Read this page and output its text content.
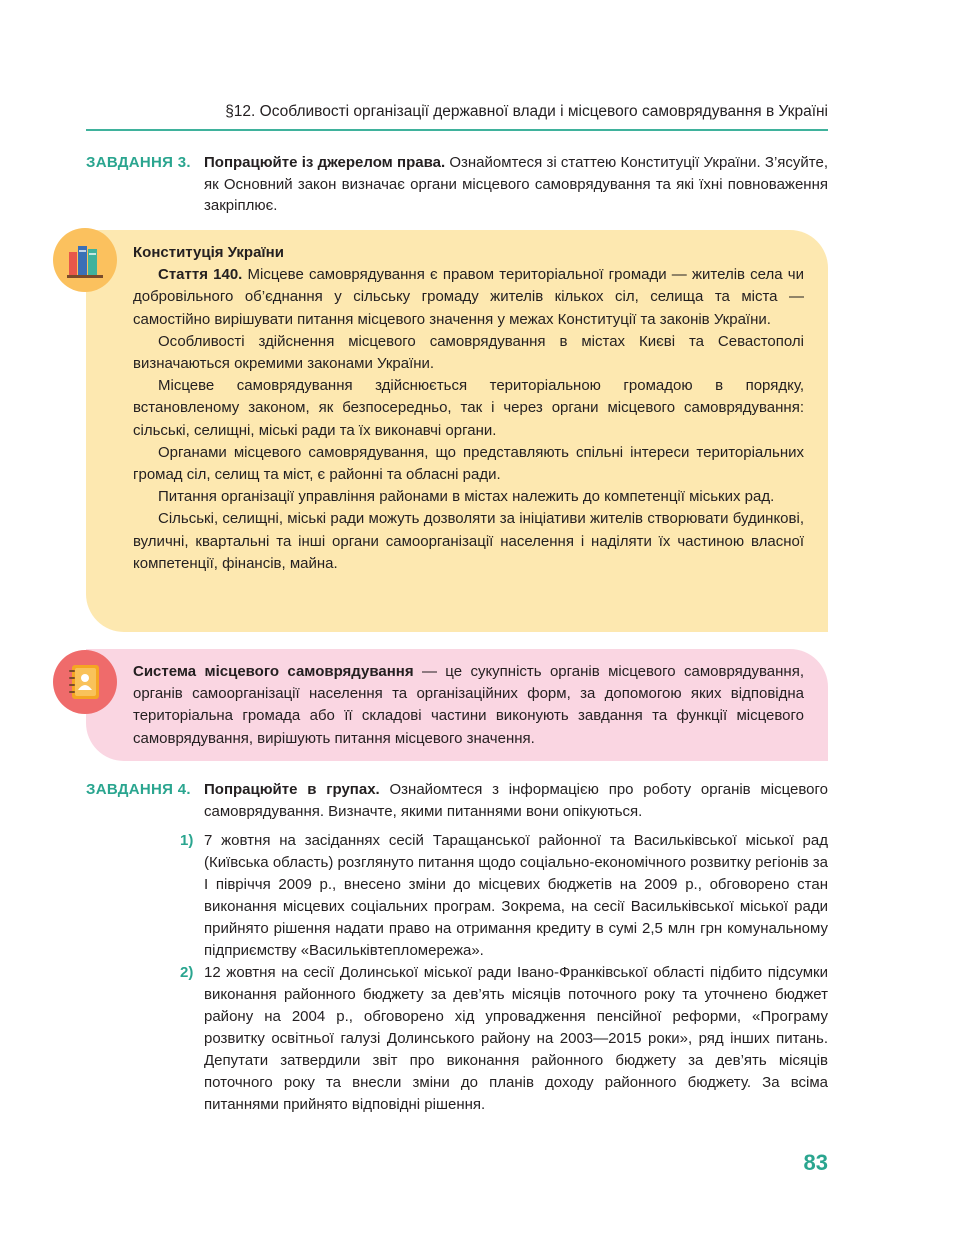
§12. Особливості організації державної влади і місцевого самоврядування в Україні
ЗАВДАННЯ 3. Попрацюйте із джерелом права. Ознайомтеся зі статтею Конституції України. З’ясуйте, як Основний закон визначає органи місцевого самоврядування та які їхні повноваження закріплює.

Конституція України

Стаття 140. Місцеве самоврядування є правом територіальної громади — жителів села чи добровільного об’єднання у сільську громаду жителів кількох сіл, селища та міста — самостійно вирішувати питання місцевого значення у межах Конституції та законів України.

Особливості здійснення місцевого самоврядування в містах Києві та Севастополі визначаються окремими законами України.

Місцеве самоврядування здійснюється територіальною громадою в порядку, встановленому законом, як безпосередньо, так і через органи місцевого самоврядування: сільські, селищні, міські ради та їх виконавчі органи.

Органами місцевого самоврядування, що представляють спільні інтереси територіальних громад сіл, селищ та міст, є районні та обласні ради.

Питання організації управління районами в містах належить до компетенції міських рад.

Сільські, селищні, міські ради можуть дозволяти за ініціативи жителів створювати будинкові, вуличні, квартальні та інші органи самоорганізації населення і наділяти їх частиною власної компетенції, фінансів, майна.

Система місцевого самоврядування — це сукупність органів місцевого самоврядування, органів самоорганізації населення та організаційних форм, за допомогою яких відповідна територіальна громада або її складові частини виконують завдання та функції місцевого самоврядування, вирішують питання місцевого значення.

ЗАВДАННЯ 4. Попрацюйте в групах. Ознайомтеся з інформацією про роботу органів місцевого самоврядування. Визначте, якими питаннями вони опікуються.
1) 7 жовтня на засіданнях сесій Таращанської районної та Васильківської міської рад (Київська область) розглянуто питання щодо соціально-економічного розвитку регіонів за І півріччя 2009 р., внесено зміни до місцевих бюджетів на 2009 р., обговорено стан виконання місцевих соціальних програм. Зокрема, на сесії Васильківської міської ради прийнято рішення надати право на отримання кредиту в сумі 2,5 млн грн комунальному підприємству «Васильківтепломережа».
2) 12 жовтня на сесії Долинської міської ради Івано-Франківської області підбито підсумки виконання районного бюджету за дев’ять місяців поточного року та уточнено бюджет району на 2004 р., обговорено хід упровадження пенсійної реформи, «Програму розвитку освітньої галузі Долинського району на 2003—2015 роки», ряд інших питань. Депутати затвердили звіт про виконання районного бюджету за дев’ять місяців поточного року та внесли зміни до планів доходу районного бюджету. За всіма питаннями прийнято відповідні рішення.
83
